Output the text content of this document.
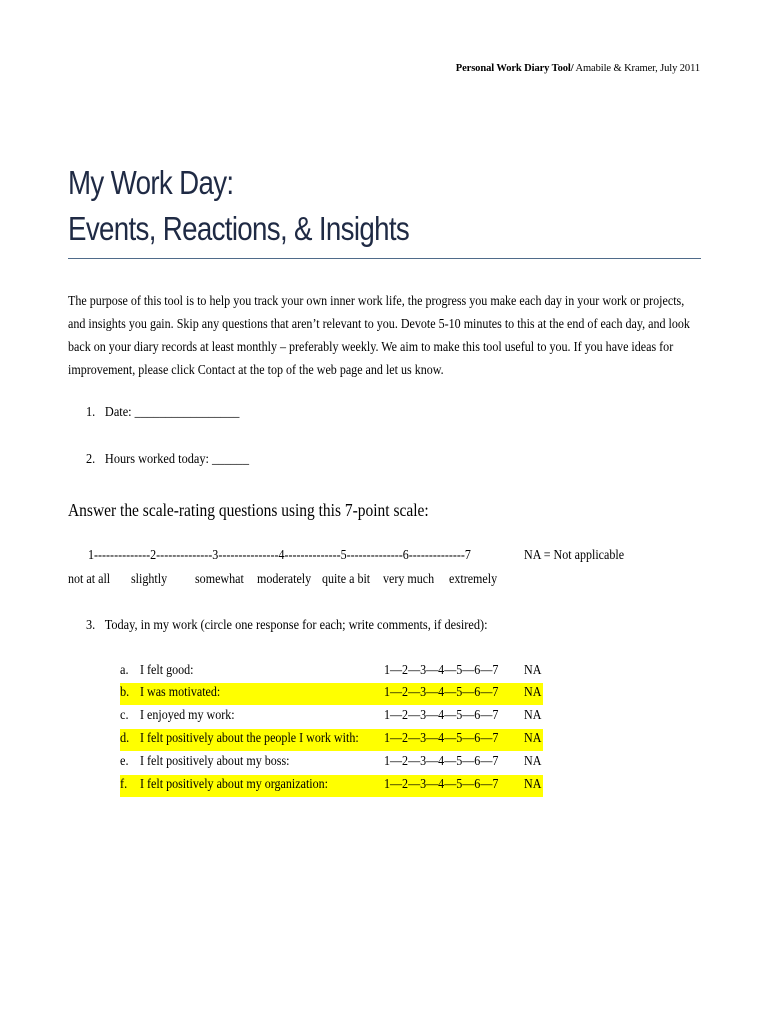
Personal Work Diary Tool/ Amabile & Kramer, July 2011
My Work Day:
Events, Reactions, & Insights
The purpose of this tool is to help you track your own inner work life, the progress you make each day in your work or projects, and insights you gain. Skip any questions that aren’t relevant to you. Devote 5-10 minutes to this at the end of each day, and look back on your diary records at least monthly – preferably weekly. We aim to make this tool useful to you. If you have ideas for improvement, please click Contact at the top of the web page and let us know.
1. Date: _________________
2. Hours worked today: ______
Answer the scale-rating questions using this 7-point scale:
1--------------2--------------3---------------4--------------5--------------6--------------7	NA = Not applicable
not at all slightly somewhat moderately quite a bit very much extremely
3. Today, in my work (circle one response for each; write comments, if desired):
a. I felt good:	1—2—3—4—5—6—7 NA
b. I was motivated:	1—2—3—4—5—6—7 NA
c. I enjoyed my work:	1—2—3—4—5—6—7 NA
d. I felt positively about the people I work with: 1—2—3—4—5—6—7 NA
e. I felt positively about my boss:	1—2—3—4—5—6—7 NA
f. I felt positively about my organization:	1—2—3—4—5—6—7 NA
